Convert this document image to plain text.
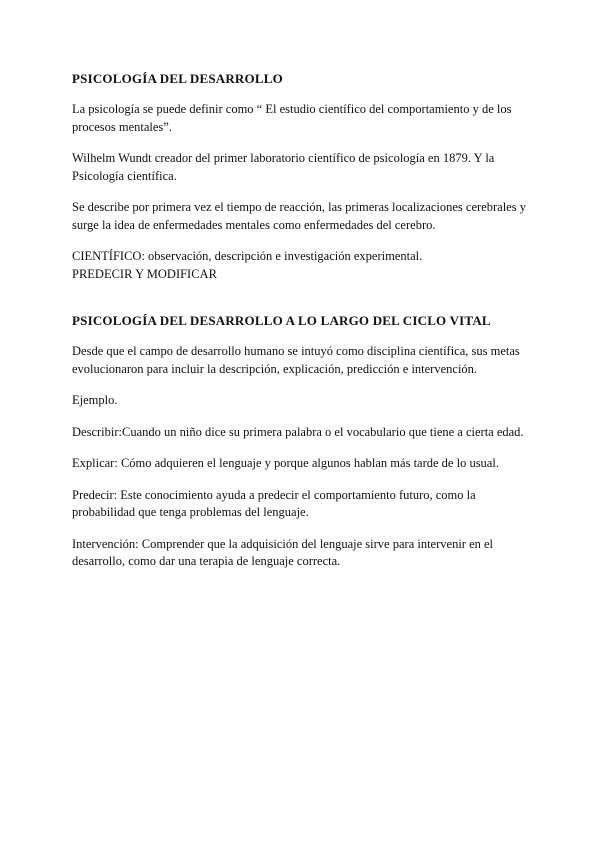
PSICOLOGÍA DEL DESARROLLO

La psicología se puede definir como “ El estudio científico del comportamiento y de los procesos mentales”.

Wilhelm Wundt creador del primer laboratorio científico de psicología en 1879. Y la Psicología científica.

Se describe por primera vez el tiempo de reacción, las primeras localizaciones cerebrales y surge la idea de enfermedades mentales como enfermedades del cerebro.

CIENTÍFICO: observación, descripción e investigación experimental.
PREDECIR Y MODIFICAR

PSICOLOGÍA DEL DESARROLLO A LO LARGO DEL CICLO VITAL

Desde que el campo de desarrollo humano se intuyó como disciplina científica, sus metas evolucionaron para incluir la descripción, explicación, predicción e intervención.

Ejemplo.

Describir:Cuando un niño dice su primera palabra o el vocabulario que tiene a cierta edad.

Explicar: Cómo adquieren el lenguaje y porque algunos hablan más tarde de lo usual.

Predecir: Este conocimiento ayuda a predecir el comportamiento futuro, como la probabilidad que tenga problemas del lenguaje.

Intervención: Comprender que la adquisición del lenguaje sirve para intervenir en el desarrollo, como dar una terapia de lenguaje correcta.
